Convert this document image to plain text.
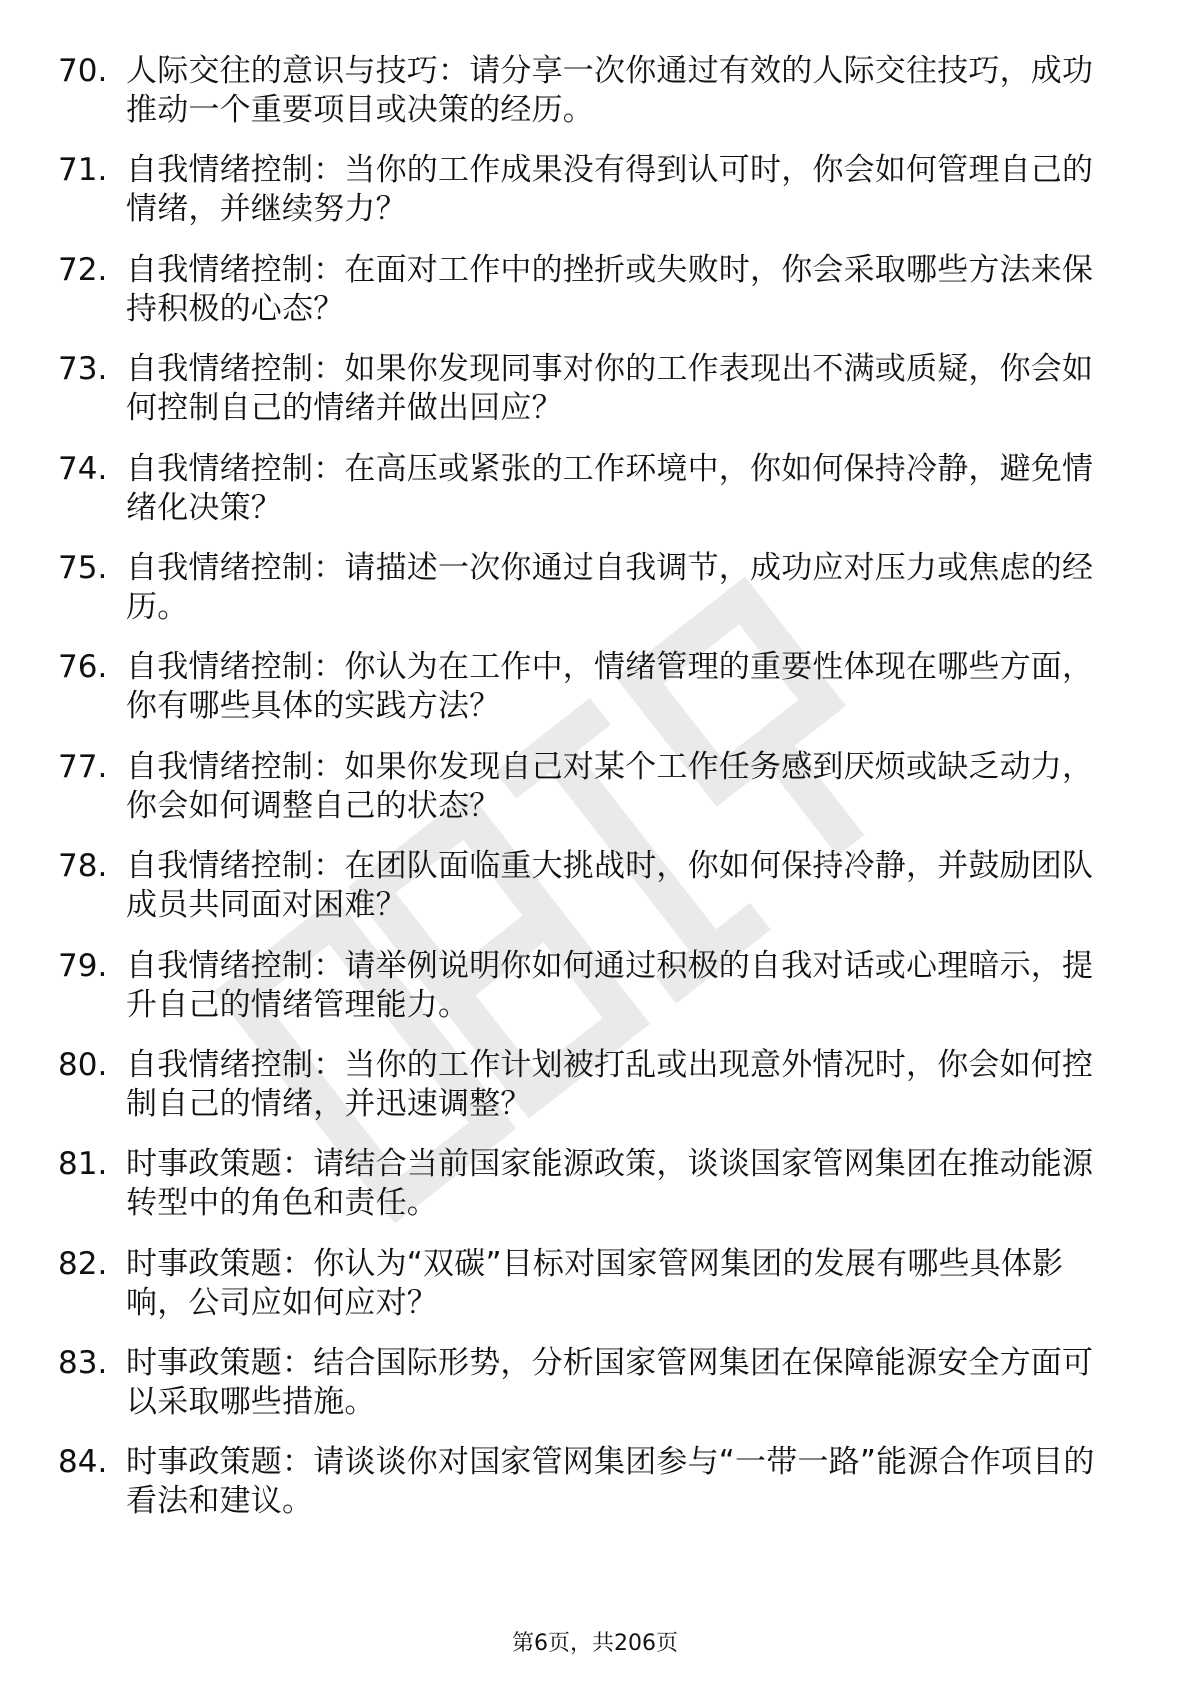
70. 人际交往的意识与技巧：请分享一次你通过有效的人际交往技巧，成功推动一个重要项目或决策的经历。
71. 自我情绪控制：当你的工作成果没有得到认可时，你会如何管理自己的情绪，并继续努力？
72. 自我情绪控制：在面对工作中的挫折或失败时，你会采取哪些方法来保持积极的心态？
73. 自我情绪控制：如果你发现同事对你的工作表现出不满或质疑，你会如何控制自己的情绪并做出回应？
74. 自我情绪控制：在高压或紧张的工作环境中，你如何保持冷静，避免情绪化决策？
75. 自我情绪控制：请描述一次你通过自我调节，成功应对压力或焦虑的经历。
76. 自我情绪控制：你认为在工作中，情绪管理的重要性体现在哪些方面，你有哪些具体的实践方法？
77. 自我情绪控制：如果你发现自己对某个工作任务感到厌烦或缺乏动力，你会如何调整自己的状态？
78. 自我情绪控制：在团队面临重大挑战时，你如何保持冷静，并鼓励团队成员共同面对困难？
79. 自我情绪控制：请举例说明你如何通过积极的自我对话或心理暗示，提升自己的情绪管理能力。
80. 自我情绪控制：当你的工作计划被打乱或出现意外情况时，你会如何控制自己的情绪，并迅速调整？
81. 时事政策题：请结合当前国家能源政策，谈谈国家管网集团在推动能源转型中的角色和责任。
82. 时事政策题：你认为“双碳”目标对国家管网集团的发展有哪些具体影响，公司应如何应对？
83. 时事政策题：结合国际形势，分析国家管网集团在保障能源安全方面可以采取哪些措施。
84. 时事政策题：请谈谈你对国家管网集团参与“一带一路”能源合作项目的看法和建议。
第6页，共206页
